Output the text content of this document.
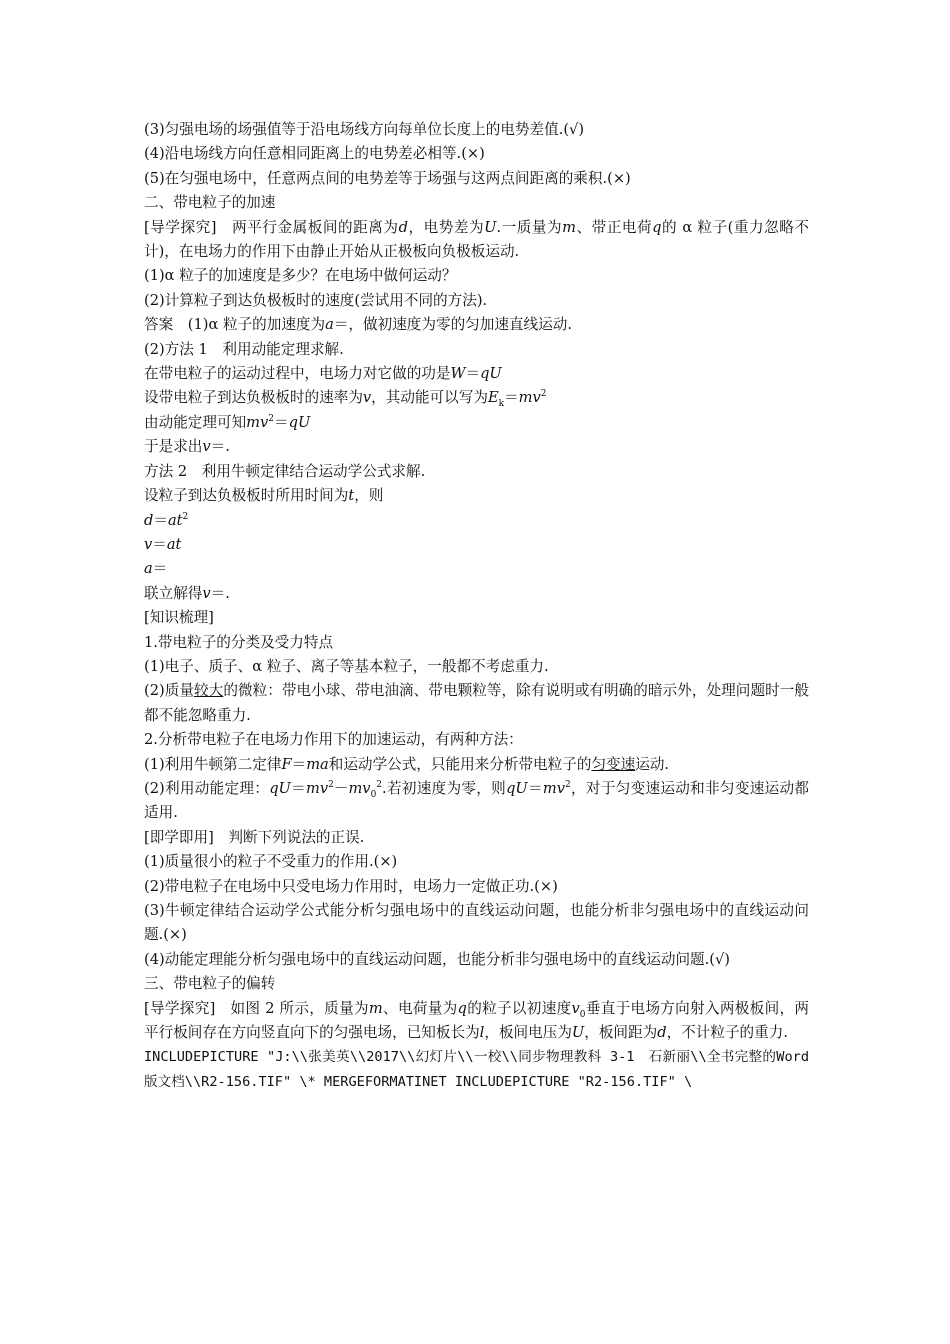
(3)匀强电场的场强值等于沿电场线方向每单位长度上的电势差值.(√)
(4)沿电场线方向任意相同距离上的电势差必相等.(×)
(5)在匀强电场中，任意两点间的电势差等于场强与这两点间距离的乘积.(×)
二、带电粒子的加速
[导学探究]　 两平行金属板间的距离为d，电势差为U.一质量为m、带正电荷q的 α 粒子(重力忽略不计)，在电场力的作用下由静止开始从正极板向负极板运动.
(1)α 粒子的加速度是多少？在电场中做何运动？
(2)计算粒子到达负极板时的速度(尝试用不同的方法).
答案　(1)α 粒子的加速度为a＝，做初速度为零的匀加速直线运动.
(2)方法 1　利用动能定理求解.
在带电粒子的运动过程中，电场力对它做的功是W＝qU
设带电粒子到达负极板时的速率为v，其动能可以写为$E_k=mv^2$
由动能定理可知$mv^2=qU$
于是求出v＝.
方法 2　利用牛顿定律结合运动学公式求解.
设粒子到达负极板时所用时间为t，则
$d=at^2$
v＝at
a＝
联立解得v＝.
[知识梳理]
1.带电粒子的分类及受力特点
(1)电子、质子、α 粒子、离子等基本粒子，一般都不考虑重力.
(2)质量较大的微粒：带电小球、带电油滴、带电颗粒等，除有说明或有明确的暗示外，处理问题时一般都不能忽略重力.
2.分析带电粒子在电场力作用下的加速运动，有两种方法：
(1)利用牛顿第二定律F＝ma和运动学公式，只能用来分析带电粒子的匀变速运动.
(2)利用动能定理：$qU=mv^2-mv_0^2$.若初速度为零，则$qU=mv^2$，对于匀变速运动和非匀变速运动都适用.
[即学即用]　判断下列说法的正误.
(1)质量很小的粒子不受重力的作用.(×)
(2)带电粒子在电场中只受电场力作用时，电场力一定做正功.(×)
(3)牛顿定律结合运动学公式能分析匀强电场中的直线运动问题，也能分析非匀强电场中的直线运动问题.(×)
(4)动能定理能分析匀强电场中的直线运动问题，也能分析非匀强电场中的直线运动问题.(√)
三、带电粒子的偏转
[导学探究]　 如图 2 所示，质量为m、电荷量为q的粒子以初速度$v_0$垂直于电场方向射入两极板间，两平行板间存在方向竖直向下的匀强电场，已知板长为l，板间电压为U，板间距为d，不计粒子的重力.
INCLUDEPICTURE "J:\\张美英\\2017\\幻灯片\\一校\\同步物理教科 3-1　石新丽\\全书完整的Word版文档\\R2-156.TIF" \* MERGEFORMATINET INCLUDEPICTURE "R2-156.TIF" \
